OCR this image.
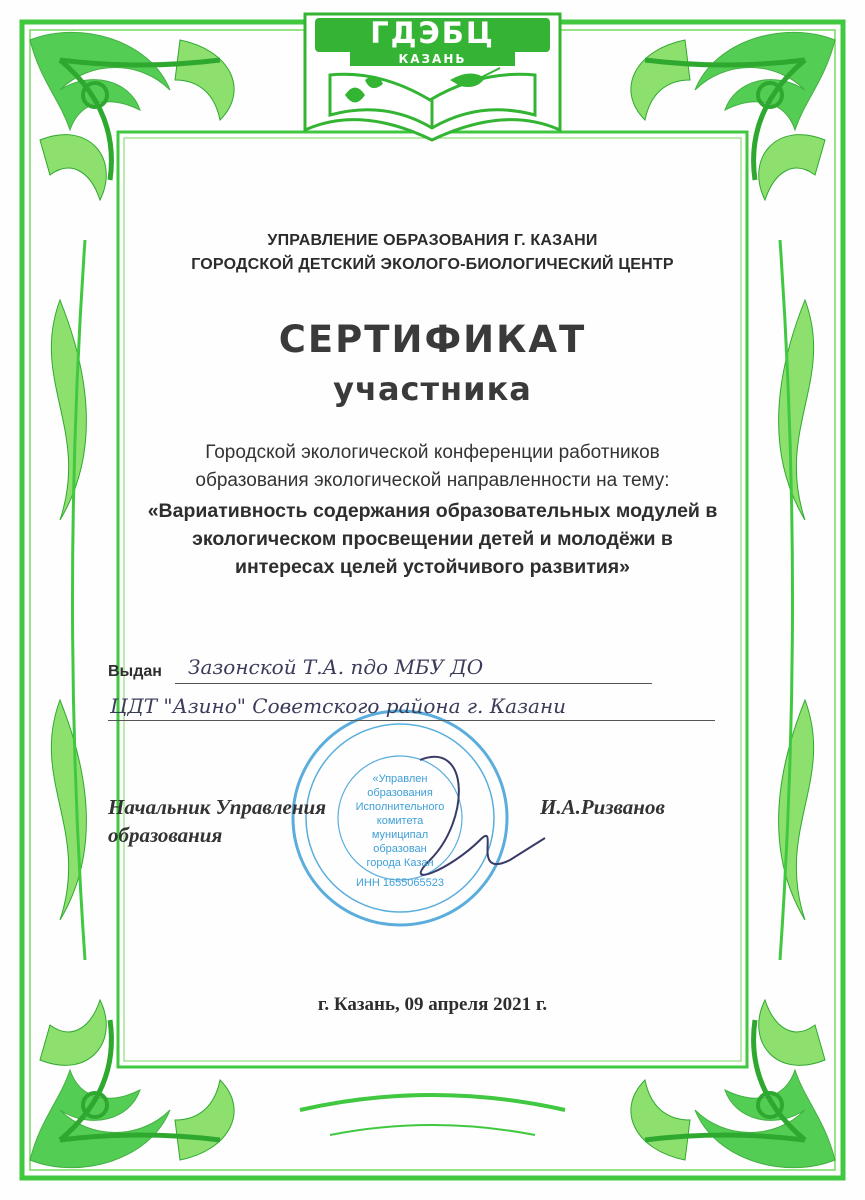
ГДЭБЦ
КАЗАНЬ
УПРАВЛЕНИЕ ОБРАЗОВАНИЯ Г. КАЗАНИ
ГОРОДСКОЙ ДЕТСКИЙ ЭКОЛОГО-БИОЛОГИЧЕСКИЙ ЦЕНТР
СЕРТИФИКАТ
участника
Городской экологической конференции работников
образования экологической направленности на тему:
«Вариативность содержания образовательных модулей в
экологическом просвещении детей и молодёжи в
интересах целей устойчивого развития»
Выдан Зазонской Т.А. пдо МБУ ДО
ЦДТ "Азино" Советского района г. Казани
«Управлен
образования
Исполнительного
комитета
муниципал
образован
города Казан
ИНН 1655065523
Начальник Управления
образования
И.А.Ризванов
г. Казань, 09 апреля 2021 г.
